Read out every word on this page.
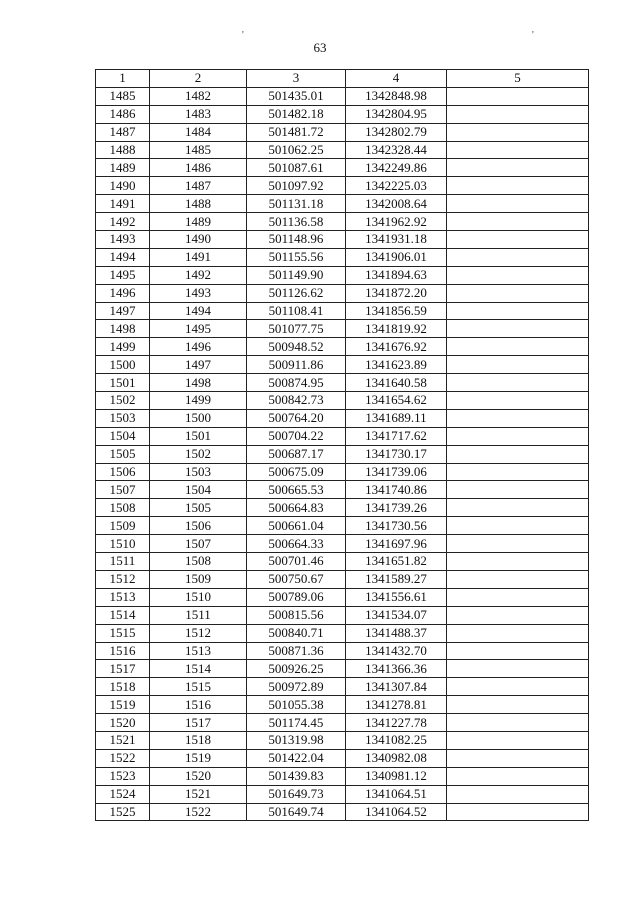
'	'
63
1	2	3	4	5
1485	1482	501435.01	1342848.98	
1486	1483	501482.18	1342804.95	
1487	1484	501481.72	1342802.79	
1488	1485	501062.25	1342328.44	
1489	1486	501087.61	1342249.86	
1490	1487	501097.92	1342225.03	
1491	1488	501131.18	1342008.64	
1492	1489	501136.58	1341962.92	
1493	1490	501148.96	1341931.18	
1494	1491	501155.56	1341906.01	
1495	1492	501149.90	1341894.63	
1496	1493	501126.62	1341872.20	
1497	1494	501108.41	1341856.59	
1498	1495	501077.75	1341819.92	
1499	1496	500948.52	1341676.92	
1500	1497	500911.86	1341623.89	
1501	1498	500874.95	1341640.58	
1502	1499	500842.73	1341654.62	
1503	1500	500764.20	1341689.11	
1504	1501	500704.22	1341717.62	
1505	1502	500687.17	1341730.17	
1506	1503	500675.09	1341739.06	
1507	1504	500665.53	1341740.86	
1508	1505	500664.83	1341739.26	
1509	1506	500661.04	1341730.56	
1510	1507	500664.33	1341697.96	
1511	1508	500701.46	1341651.82	
1512	1509	500750.67	1341589.27	
1513	1510	500789.06	1341556.61	
1514	1511	500815.56	1341534.07	
1515	1512	500840.71	1341488.37	
1516	1513	500871.36	1341432.70	
1517	1514	500926.25	1341366.36	
1518	1515	500972.89	1341307.84	
1519	1516	501055.38	1341278.81	
1520	1517	501174.45	1341227.78	
1521	1518	501319.98	1341082.25	
1522	1519	501422.04	1340982.08	
1523	1520	501439.83	1340981.12	
1524	1521	501649.73	1341064.51	
1525	1522	501649.74	1341064.52	
